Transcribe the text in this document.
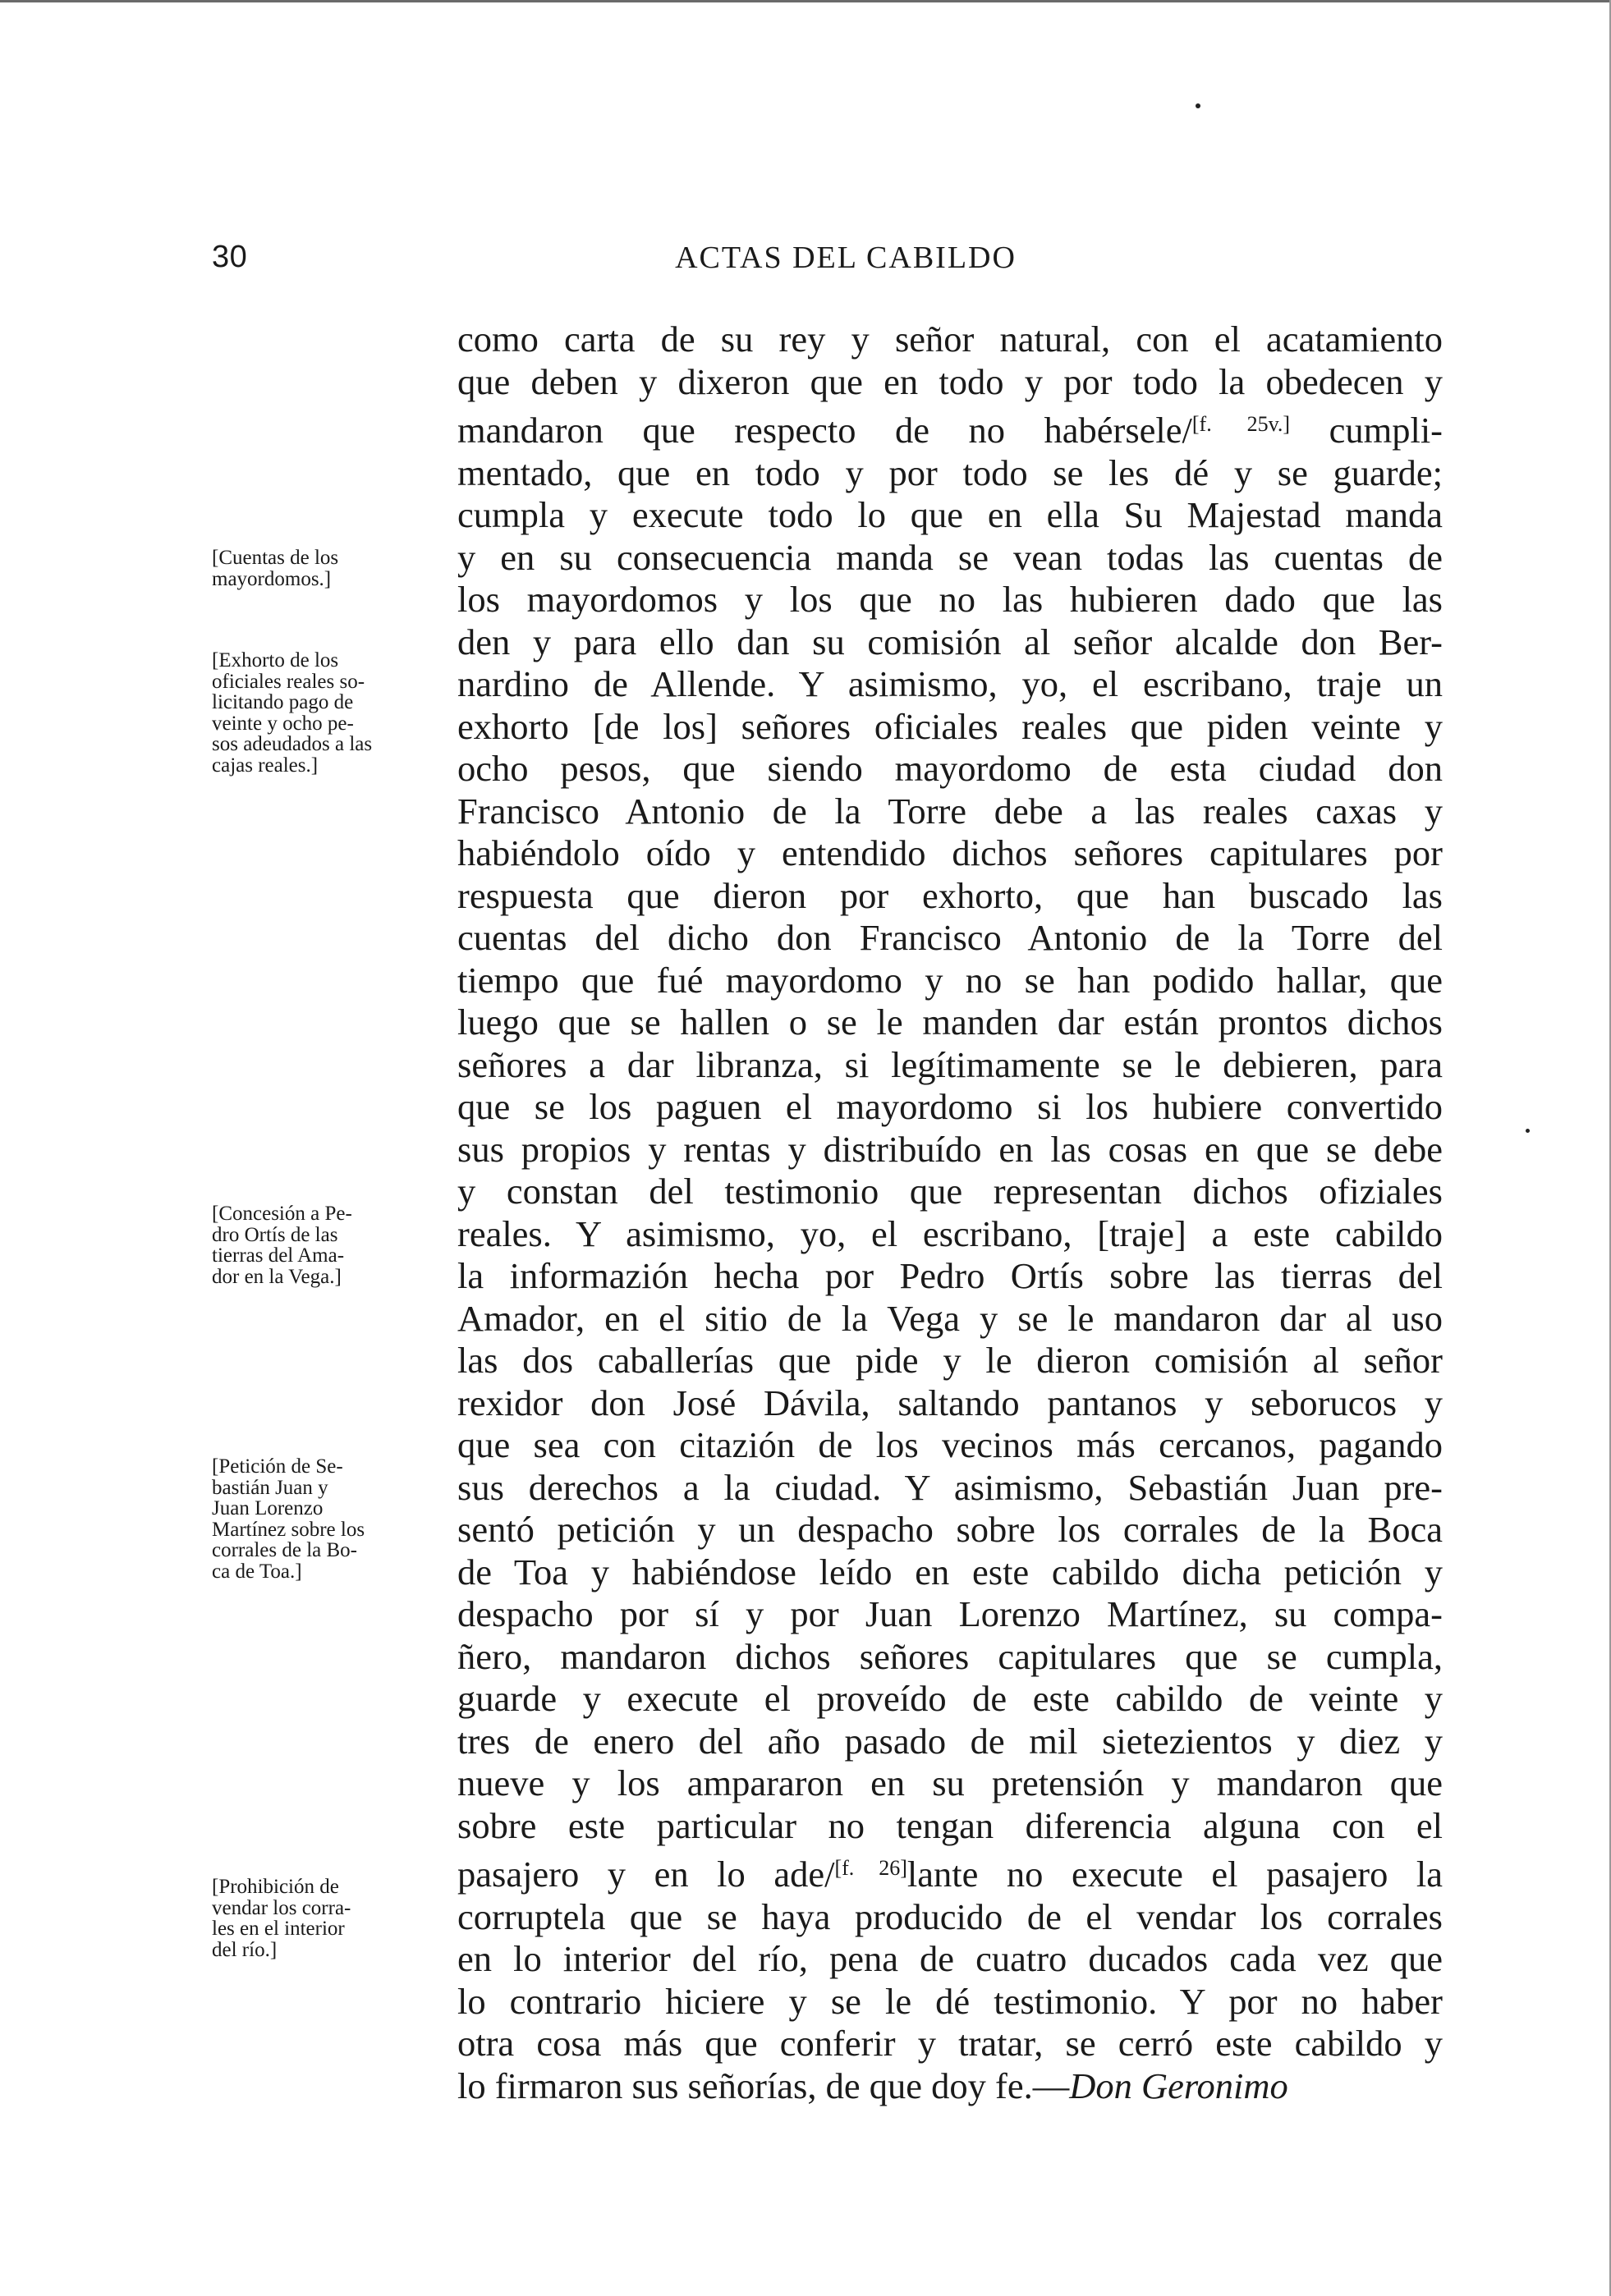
30	ACTAS DEL CABILDO

[Cuentas de los
mayordomos.]

[Exhorto de los
oficiales reales so-
licitando pago de
veinte y ocho pe-
sos adeudados a las
cajas reales.]

[Concesión a Pe-
dro Ortís de las
tierras del Ama-
dor en la Vega.]

[Petición de Se-
bastián Juan y
Juan Lorenzo
Martínez sobre los
corrales de la Bo-
ca de Toa.]

[Prohibición de
vendar los corra-
les en el interior
del río.]

como carta de su rey y señor natural, con el acatamiento
que deben y dixeron que en todo y por todo la obedecen y
mandaron que respecto de no habérsele/[f. 25v.] cumpli-
mentado, que en todo y por todo se les dé y se guarde;
cumpla y execute todo lo que en ella Su Majestad manda
y en su consecuencia manda se vean todas las cuentas de
los mayordomos y los que no las hubieren dado que las
den y para ello dan su comisión al señor alcalde don Ber-
nardino de Allende. Y asimismo, yo, el escribano, traje un
exhorto [de los] señores oficiales reales que piden veinte y
ocho pesos, que siendo mayordomo de esta ciudad don
Francisco Antonio de la Torre debe a las reales caxas y
habiéndolo oído y entendido dichos señores capitulares por
respuesta que dieron por exhorto, que han buscado las
cuentas del dicho don Francisco Antonio de la Torre del
tiempo que fué mayordomo y no se han podido hallar, que
luego que se hallen o se le manden dar están prontos dichos
señores a dar libranza, si legítimamente se le debieren, para
que se los paguen el mayordomo si los hubiere convertido
sus propios y rentas y distribuído en las cosas en que se debe
y constan del testimonio que representan dichos ofiziales
reales. Y asimismo, yo, el escribano, [traje] a este cabildo
la informazión hecha por Pedro Ortís sobre las tierras del
Amador, en el sitio de la Vega y se le mandaron dar al uso
las dos caballerías que pide y le dieron comisión al señor
rexidor don José Dávila, saltando pantanos y seborucos y
que sea con citazión de los vecinos más cercanos, pagando
sus derechos a la ciudad. Y asimismo, Sebastián Juan pre-
sentó petición y un despacho sobre los corrales de la Boca
de Toa y habiéndose leído en este cabildo dicha petición y
despacho por sí y por Juan Lorenzo Martínez, su compa-
ñero, mandaron dichos señores capitulares que se cumpla,
guarde y execute el proveído de este cabildo de veinte y
tres de enero del año pasado de mil sietezientos y diez y
nueve y los ampararon en su pretensión y mandaron que
sobre este particular no tengan diferencia alguna con el
pasajero y en lo ade/[f. 26]lante no execute el pasajero la
corruptela que se haya producido de el vendar los corrales
en lo interior del río, pena de cuatro ducados cada vez que
lo contrario hiciere y se le dé testimonio. Y por no haber
otra cosa más que conferir y tratar, se cerró este cabildo y
lo firmaron sus señorías, de que doy fe.—Don Geronimo
